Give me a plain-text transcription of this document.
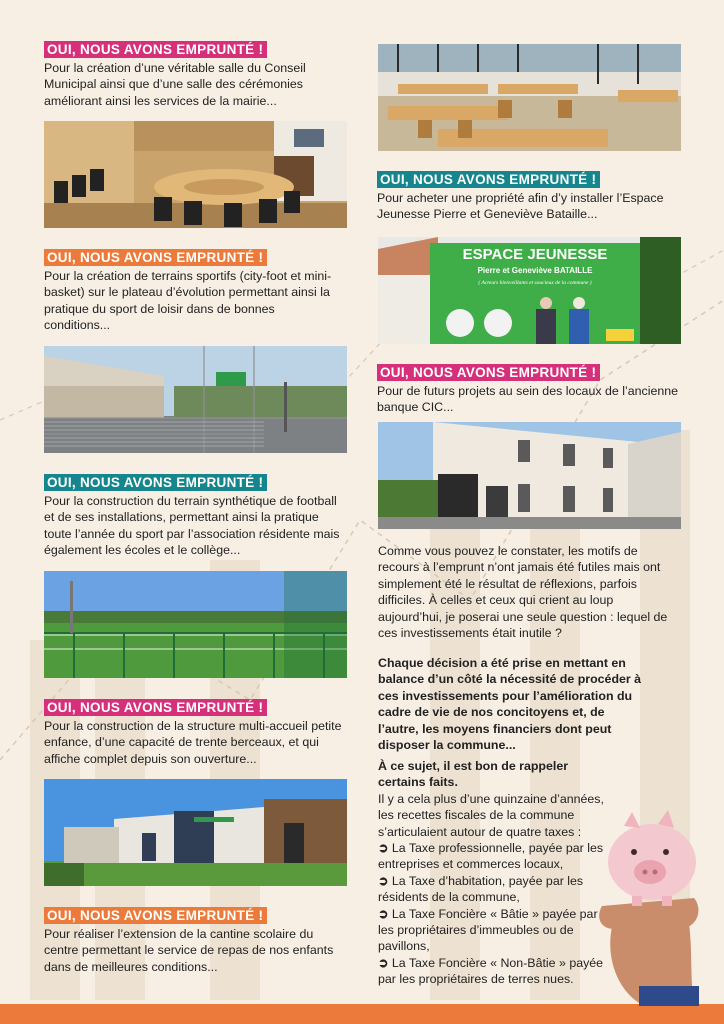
OUI, NOUS AVONS EMPRUNTÉ !
Pour la création d’une véritable salle du Conseil Municipal ainsi que d’une salle des cérémonies améliorant ainsi les services de la mairie...
OUI, NOUS AVONS EMPRUNTÉ !
Pour la création de terrains sportifs (city-foot et mini-basket) sur le plateau d’évolution permettant ainsi la pratique du sport de loisir dans de bonnes conditions...
OUI, NOUS AVONS EMPRUNTÉ !
Pour la construction du terrain synthétique de football et de ses installations, permettant ainsi la pratique toute l’année du sport par l’association résidente mais également les écoles et le collège...
OUI, NOUS AVONS EMPRUNTÉ !
Pour la construction de la structure multi-accueil petite enfance, d’une capacité de trente berceaux, et qui affiche complet depuis son ouverture...
OUI, NOUS AVONS EMPRUNTÉ !
Pour réaliser l’extension de la cantine scolaire du centre permettant le service de repas de nos enfants dans de meilleures conditions...
OUI, NOUS AVONS EMPRUNTÉ !
Pour acheter une propriété afin d’y installer l’Espace Jeunesse Pierre et Geneviève Bataille...
ESPACE JEUNESSE
Pierre et Geneviève BATAILLE
( Acteurs bienveillants et soucieux de la commune )
OUI, NOUS AVONS EMPRUNTÉ !
Pour de futurs projets au sein des locaux de l’ancienne banque CIC...
Comme vous pouvez le constater, les motifs de recours à l’emprunt n’ont jamais été futiles mais ont simplement été le résultat de réflexions, parfois difficiles. À celles et ceux qui crient au loup aujourd’hui, je poserai une seule question : lequel de ces investissements était inutile ?
Chaque décision a été prise en mettant en balance d’un côté la nécessité de procéder à ces investissements pour l’amélioration du cadre de vie de nos concitoyens et, de l’autre, les moyens financiers dont peut disposer la commune...
À ce sujet, il est bon de rappeler certains faits.
Il y a cela plus d’une quinzaine d’années, les recettes fiscales de la commune s’articulaient autour de quatre taxes :
➲ La Taxe professionnelle, payée par les entreprises et commerces locaux,
➲ La Taxe d’habitation, payée par les résidents de la commune,
➲ La Taxe Foncière « Bâtie » payée par les propriétaires d’immeubles ou de pavillons,
➲ La Taxe Foncière « Non-Bâtie » payée par les propriétaires de terres nues.
